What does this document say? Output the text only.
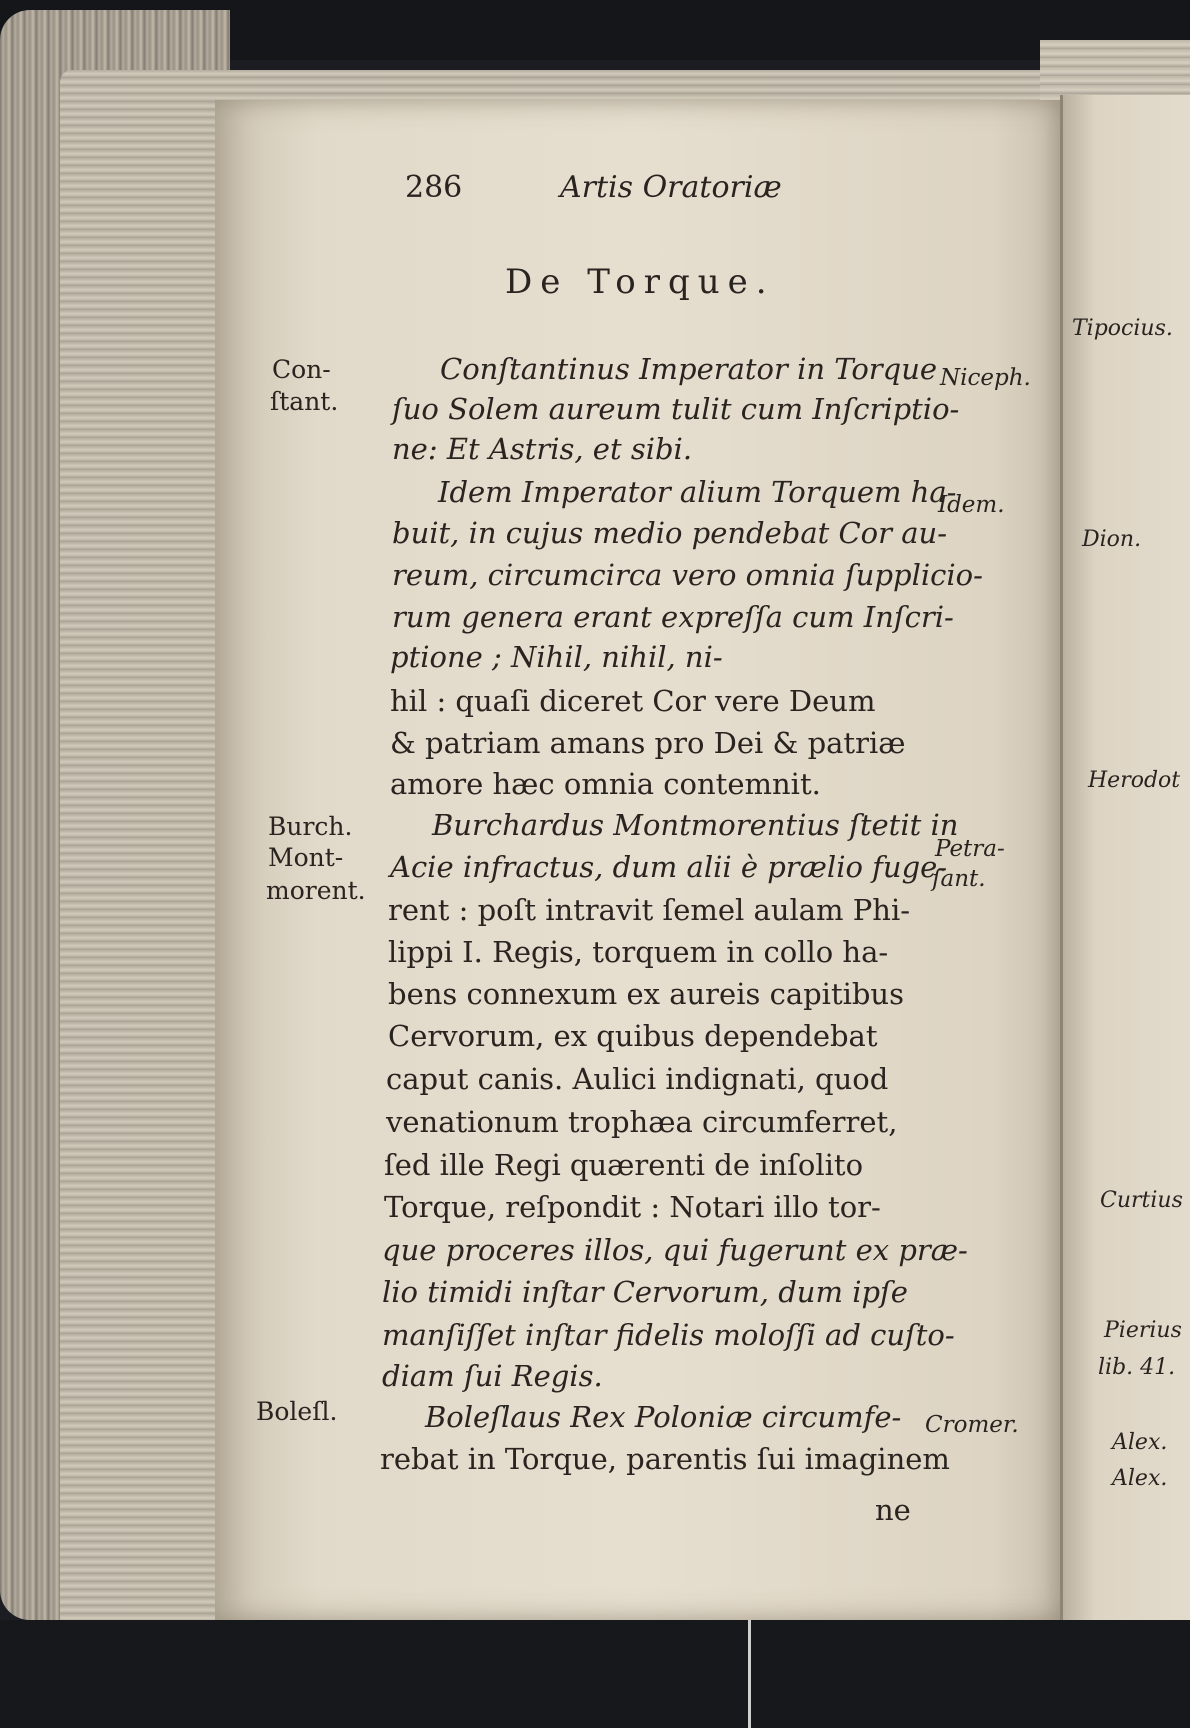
286	Artis Oratoriæ
De Torque.
Conſtantinus Imperator in Torque
ſuo Solem aureum tulit cum Inſcriptio-
ne: Et Astris, et sibi.
Idem Imperator alium Torquem ha-
buit, in cujus medio pendebat Cor au-
reum, circumcirca vero omnia ſupplicio-
rum genera erant expreſſa cum Inſcri-
ptione ; Nihil, nihil, ni-
hil : quaſi diceret Cor vere Deum
& patriam amans pro Dei & patriæ
amore hæc omnia contemnit.
Burchardus Montmorentius ſtetit in
Acie infractus, dum alii è prælio fuge-
rent : poſt intravit ſemel aulam Phi-
lippi I. Regis, torquem in collo ha-
bens connexum ex aureis capitibus
Cervorum, ex quibus dependebat
caput canis. Aulici indignati, quod
venationum trophæa circumferret,
ſed ille Regi quærenti de inſolito
Torque, reſpondit : Notari illo tor-
que proceres illos, qui fugerunt ex præ-
lio timidi inſtar Cervorum, dum ipſe
manſiſſet inſtar fidelis moloſſi ad cuſto-
diam ſui Regis.
Boleſlaus Rex Poloniæ circumfe-
rebat in Torque, parentis ſui imaginem
ne
Con-
ſtant.
Burch.
Mont-
morent.
Boleſl.
Niceph.
Idem.
Petra-
ſant.
Cromer.
Tipocius.
Dion.
Herodot
Curtius
Pierius
lib. 41.
Alex.
Alex.
